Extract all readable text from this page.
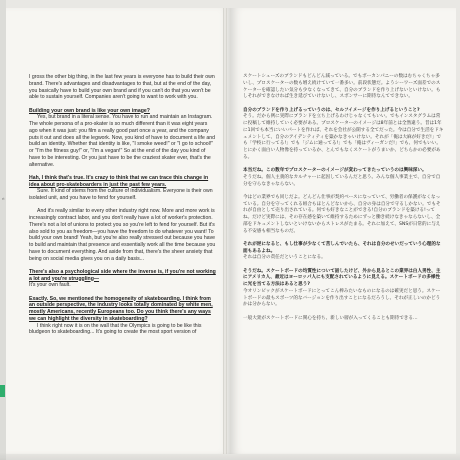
I gross the other big thing, in the last few years is everyone has to build their own brand. There's advantages and disadvantages to that, but at the end of the day, you basically have to build your own brand and if you can't do that you won't be able to sustain yourself. Companies aren't going to want to work with you.

Building your own brand is like your own image?

Yes, but brand in a literal sense. You have to run and maintain an Instagram. The whole persona of a pro-skater is so much different than it was eight years ago when it was just: you film a really good part once a year, and the company puts it out and does all the legwork. Now, you kind of have to document a life and build an identity. Whether that identity is like, "I smoke weed!" or "I go to school!" or "I'm the fitness guy!" or, "I'm a vegan!" So at the end of the day you kind of have to be interesting. Or you just have to be the craziest skater ever, that's the alternative.

Hah, I think that's true. It's crazy to think that we can trace this change in idea about pro-skateboarders in just the past few years.

Sure. It kind of stems from the culture of individualism. Everyone is their own isolated unit, and you have to fend for yourself.

And it's really similar to every other industry right now. More and more work is increasingly contract labor, and you don't really have a lot of worker's protection. There's not a lot of unions to protect you so you're left to fend for yourself. But it's also sold to you as freedom—you have the freedom to do whatever you want! To build your own brand! Yeah, but you're also really stressed out because you have to build and maintain that presence and essentially work all the time because you have to document everything. And aside from that, there's the sheer anxiety that being on social media gives you on a daily basis...

There's also a psychological side where the inverse is, if you're not working a lot and you're struggling—

It's your own fault.

Exactly. So, we mentioned the homogeneity of skateboarding. I think from an outside perspective, the industry looks totally dominated by white men, mostly Americans, recently Europeans too. Do you think there's any ways we can highlight the diversity in skateboarding?

I think right now it is on the wall that the Olympics is going to be like this bludgeon to skateboarding... It's going to create the most sport version of

スケートシューズのブランドもどんどん減っている。でもポーカンパニーの数はむちゃくちゃ多いし、プロスケーターの数も増え続けていて一番多い。前段状態だ。ようシーワーズ面差でのスケーターを確認したい気分も少なくなってきて、自分のブランドを作り上げないといけない。もしそれができなければ生き延びていけないし、スポンサーに期待なんてできない。

自分のブランドを作り上げるっていうのは、セルフイメージを作り上げるということ?

そう。だから例に実際にブランドを立ち上げるわけじゃなくてもいい。でもインスタグラムは常に投稿して維持していく必要がある。プロスケーターのイメージは8年前とは全然違う。昔は1年に1回でも本当にいいパートを作れば、それを会社が公開する全てだった。今は自分で生活をドキュメントして、自分のアイデンティティを築かなきゃいけない。それが「俺は大麻が好きだ!」でも「学校に行ってる!」でも「ジムに通ってる!」でも「俺はヴィーガンだ!」でも、何でもいい。とにかく面白い人物像を持っているか、とんでもなくスケートがうまいか、どちらかの必要がある。

本当だね。この数年でプロスケーターのイメージが変わってきたっていうのは興味深い。

そうだね。個人主義的なカルチャーに起因しているんだと思う。みんな個人事業主で、自分で自分を守らなきゃならない。

今はどの業界でも同じだよ。どんどん仕事が契約ベースになっていて、労働者の保護がなくなっている。自分を守ってくれる組合もほとんどないから、自分の身は自分で守るしかない。でもそれが自由として売り出されている。何でも好きなことができる!自分のブランドを築ける!ってね。だけど実際には、その存在感を築いて維持するためにずっと働き続けなきゃならないし、全部をドキュメントしないといけないからストレスがたまる。それに加えて、SNSが日常的に与える不安感も相当なものだ。

それが逆になると、もし仕事が少なくて苦しんでいたら、それは自分のせいだっていう心理的な面もあるよね。

それは自分の責任だということになる。

そうだね。スケートボードの均質性について話したけど、外から見るとこの業界は白人男性、主にアメリカ人、最近はヨーロッパ人にも支配されているように見える。スケートボードの多様性に光を当てる方法はあると思う?

今オリンピックがスケートボードにとってこん棒みたいなものになるのは確実だと思う。スケートボードの最もスポーツ的なバージョンを作り出すことになるだろうし、それが正しいのかどうかは分からない。

一般大衆がスケートボードに関心を持ち、新しい層が入ってくることも期待できる…

rt
